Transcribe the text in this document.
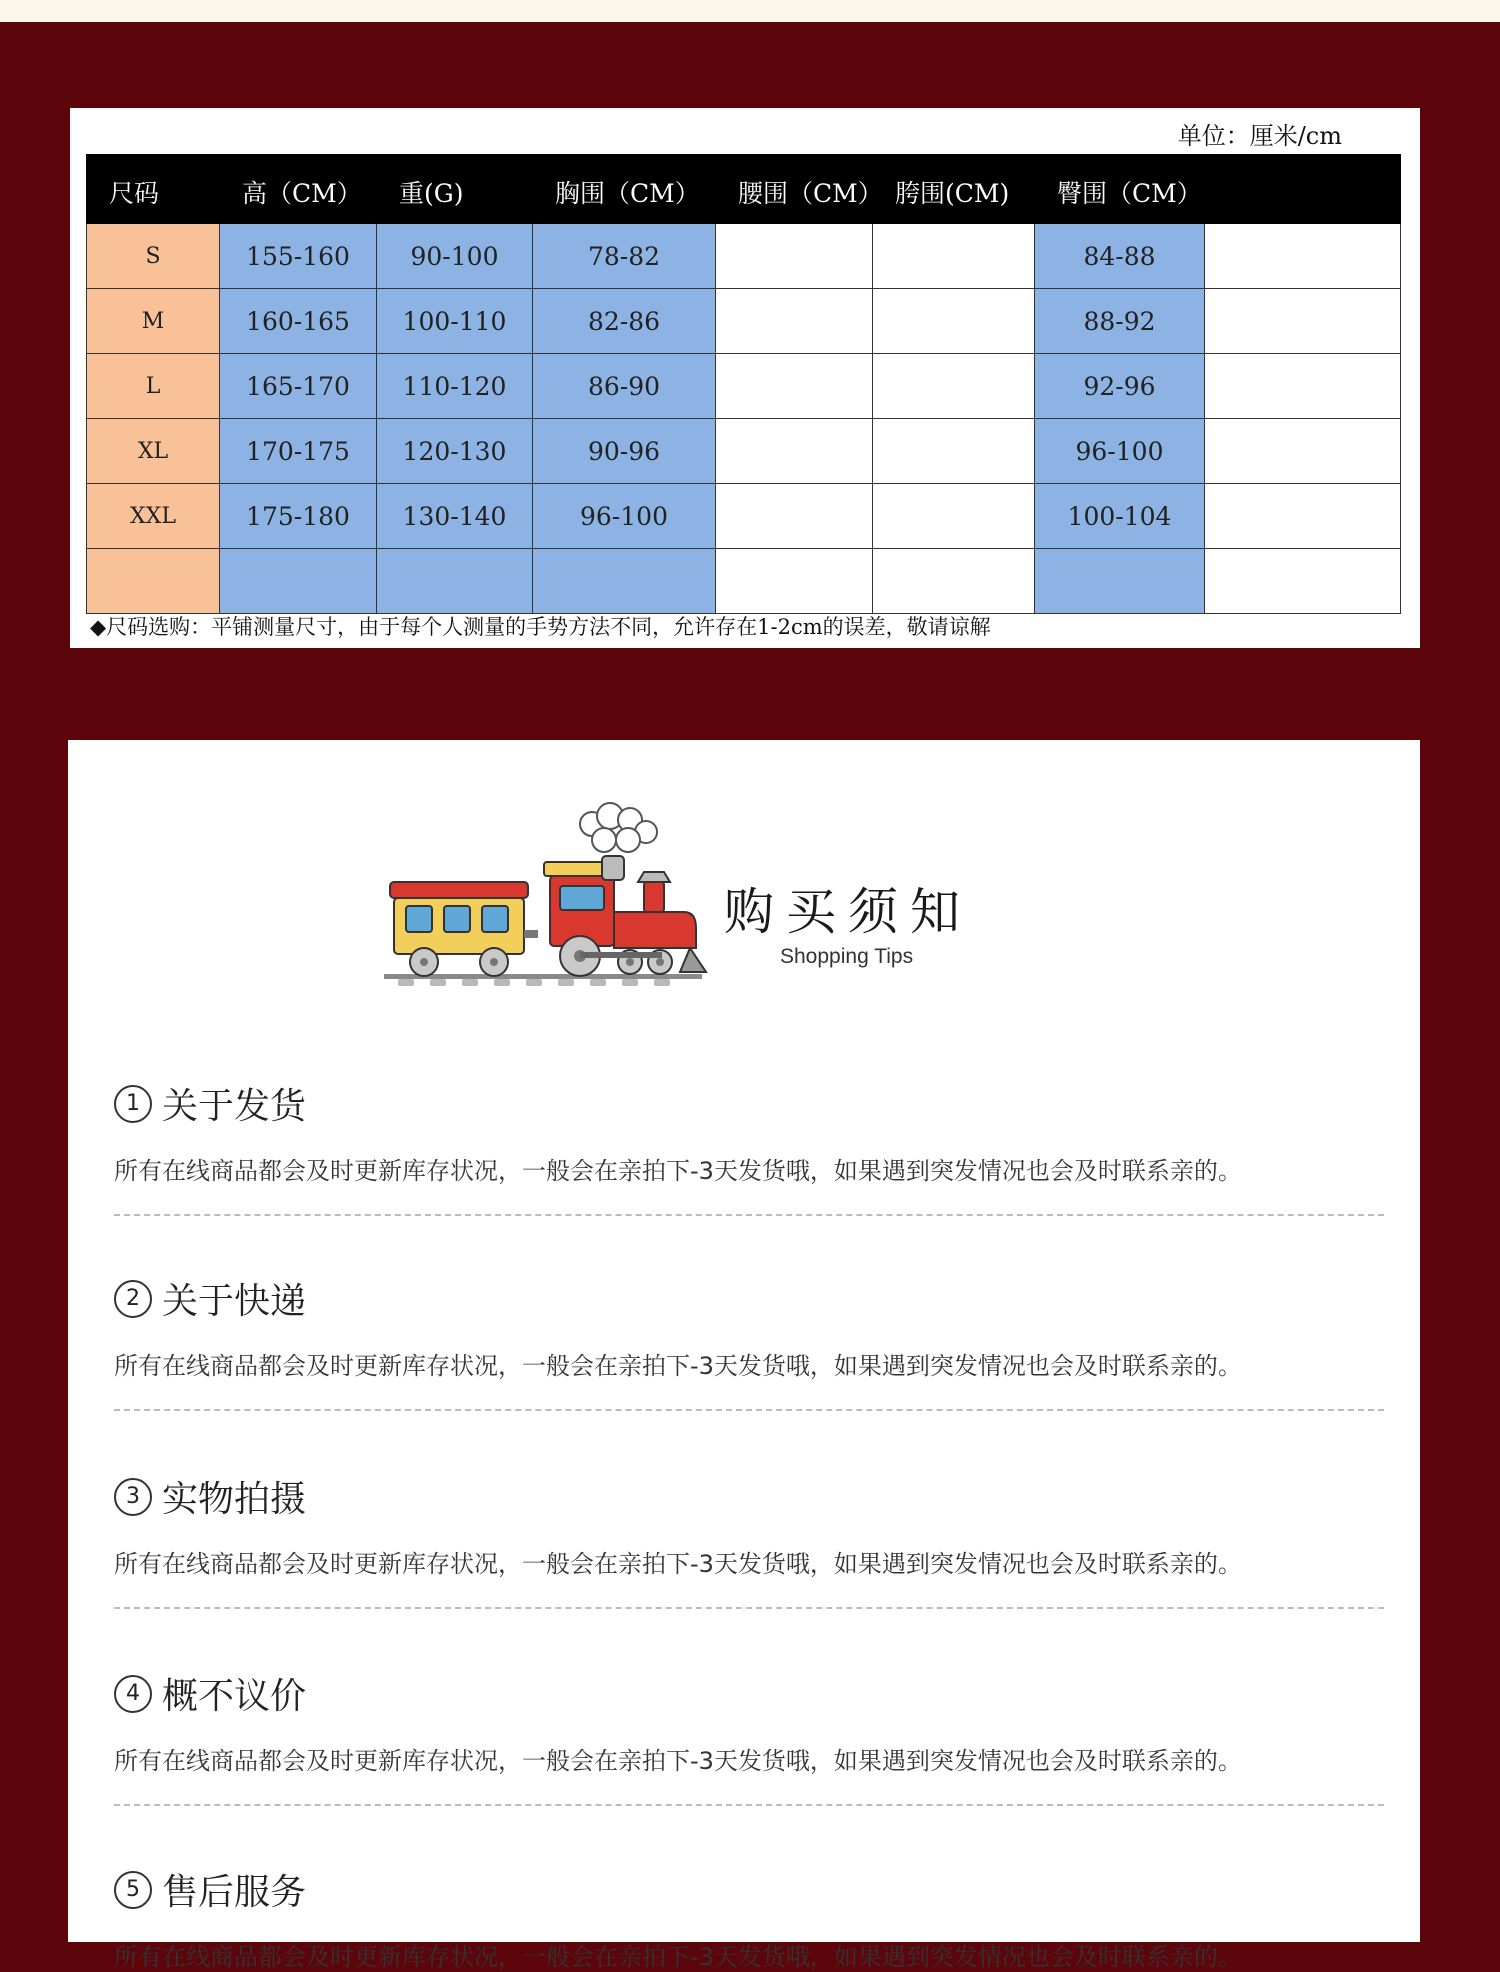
单位：厘米/cm
尺码	高（CM）	重(G)	胸围（CM）	腰围（CM）	胯围(CM)	臀围（CM）	
S	155-160	90-100	78-82			84-88	
M	160-165	100-110	82-86			88-92	
L	165-170	110-120	86-90			92-96	
XL	170-175	120-130	90-96			96-100	
XXL	175-180	130-140	96-100			100-104	

◆尺码选购：平铺测量尺寸，由于每个人测量的手势方法不同，允许存在1-2cm的误差，敬请谅解
购买须知
Shopping Tips
1 关于发货
所有在线商品都会及时更新库存状况，一般会在亲拍下-3天发货哦，如果遇到突发情况也会及时联系亲的。
2 关于快递
所有在线商品都会及时更新库存状况，一般会在亲拍下-3天发货哦，如果遇到突发情况也会及时联系亲的。
3 实物拍摄
所有在线商品都会及时更新库存状况，一般会在亲拍下-3天发货哦，如果遇到突发情况也会及时联系亲的。
4 概不议价
所有在线商品都会及时更新库存状况，一般会在亲拍下-3天发货哦，如果遇到突发情况也会及时联系亲的。
5 售后服务
所有在线商品都会及时更新库存状况，一般会在亲拍下-3天发货哦，如果遇到突发情况也会及时联系亲的。
